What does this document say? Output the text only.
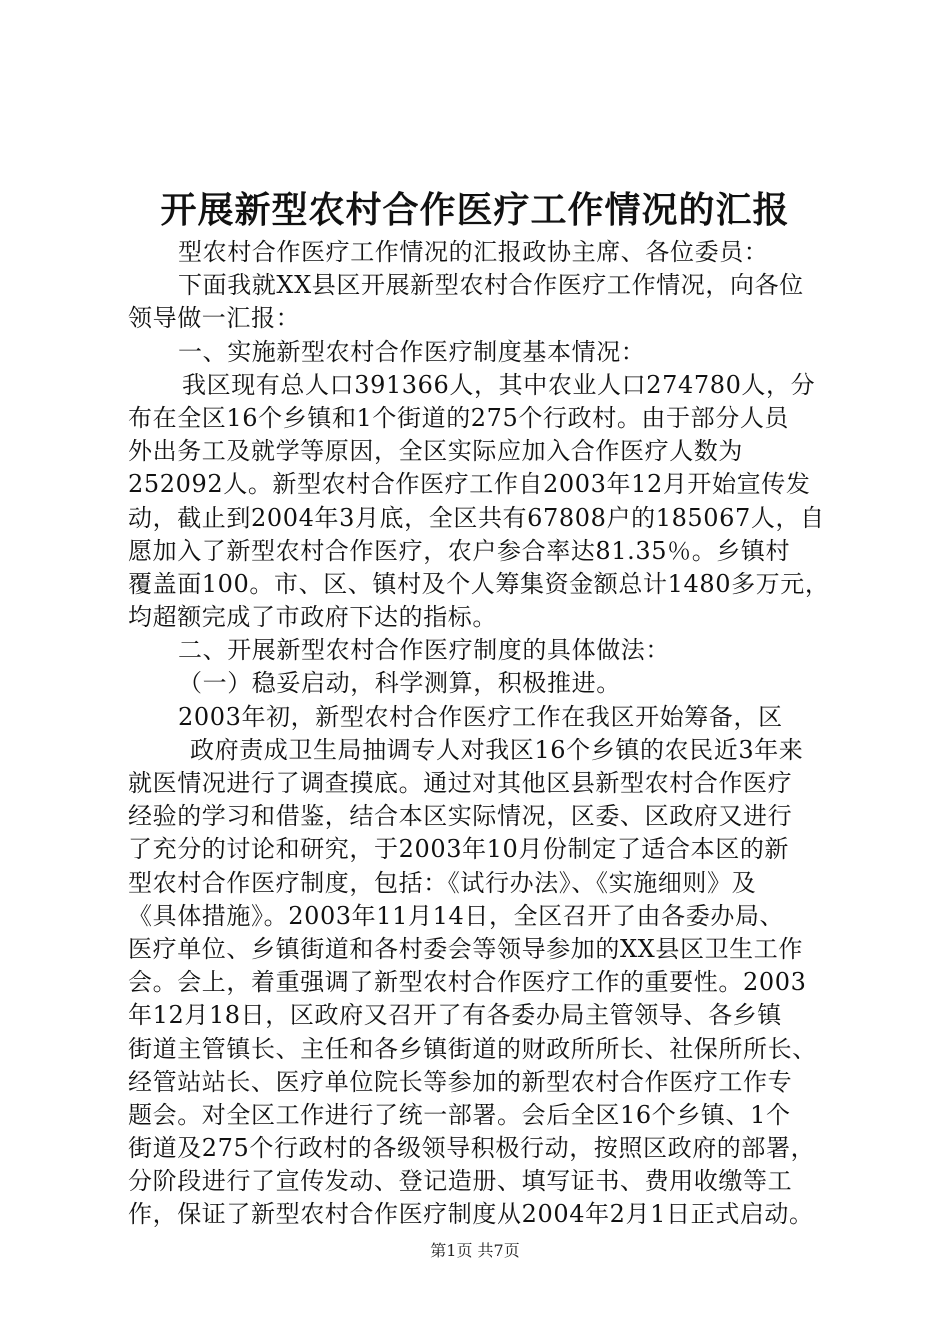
开展新型农村合作医疗工作情况的汇报
型农村合作医疗工作情况的汇报政协主席、各位委员：
下面我就XX县区开展新型农村合作医疗工作情况，向各位
领导做一汇报：
一、实施新型农村合作医疗制度基本情况：
我区现有总人口391366人，其中农业人口274780人，分
布在全区16个乡镇和1个街道的275个行政村。由于部分人员
外出务工及就学等原因，全区实际应加入合作医疗人数为
252092人。新型农村合作医疗工作自2003年12月开始宣传发
动，截止到2004年3月底，全区共有67808户的185067人，自
愿加入了新型农村合作医疗，农户参合率达81.35％。乡镇村
覆盖面100。市、区、镇村及个人筹集资金额总计1480多万元，
均超额完成了市政府下达的指标。
二、开展新型农村合作医疗制度的具体做法：
（一）稳妥启动，科学测算，积极推进。
2003年初，新型农村合作医疗工作在我区开始筹备，区
政府责成卫生局抽调专人对我区16个乡镇的农民近3年来
就医情况进行了调查摸底。通过对其他区县新型农村合作医疗
经验的学习和借鉴，结合本区实际情况，区委、区政府又进行
了充分的讨论和研究，于2003年10月份制定了适合本区的新
型农村合作医疗制度，包括：《试行办法》、《实施细则》及
《具体措施》。2003年11月14日，全区召开了由各委办局、
医疗单位、乡镇街道和各村委会等领导参加的XX县区卫生工作
会。会上，着重强调了新型农村合作医疗工作的重要性。2003
年12月18日，区政府又召开了有各委办局主管领导、各乡镇
街道主管镇长、主任和各乡镇街道的财政所所长、社保所所长、
经管站站长、医疗单位院长等参加的新型农村合作医疗工作专
题会。对全区工作进行了统一部署。会后全区16个乡镇、1个
街道及275个行政村的各级领导积极行动，按照区政府的部署，
分阶段进行了宣传发动、登记造册、填写证书、费用收缴等工
作，保证了新型农村合作医疗制度从2004年2月1日正式启动。
第1页 共7页
